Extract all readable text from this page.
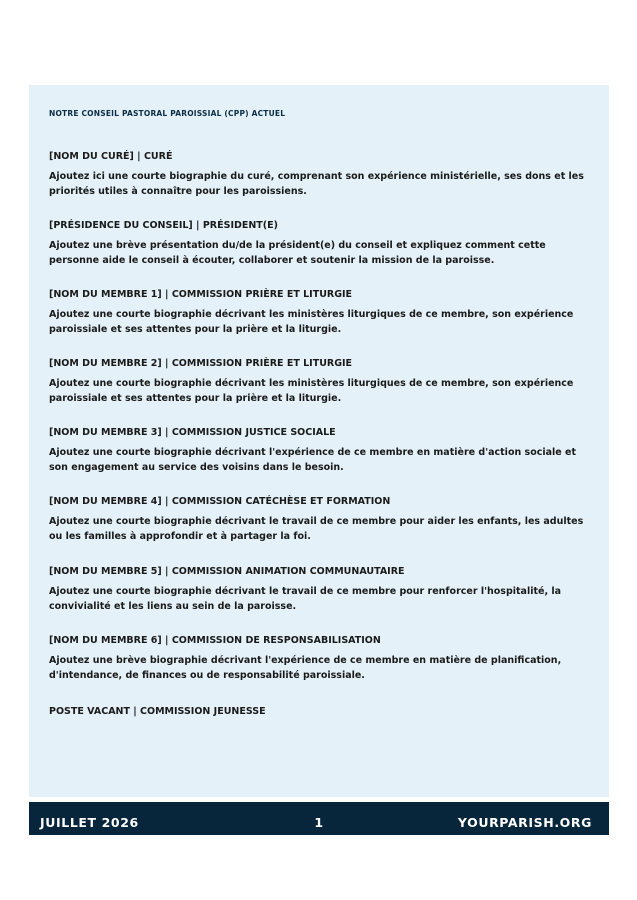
NOTRE CONSEIL PASTORAL PAROISSIAL (CPP) ACTUEL

[NOM DU CURÉ] | CURÉ

Ajoutez ici une courte biographie du curé, comprenant son expérience ministérielle, ses dons et les priorités utiles à connaître pour les paroissiens.

[PRÉSIDENCE DU CONSEIL] | PRÉSIDENT(E)

Ajoutez une brève présentation du/de la président(e) du conseil et expliquez comment cette personne aide le conseil à écouter, collaborer et soutenir la mission de la paroisse.

[NOM DU MEMBRE 1] | COMMISSION PRIÈRE ET LITURGIE

Ajoutez une courte biographie décrivant les ministères liturgiques de ce membre, son expérience paroissiale et ses attentes pour la prière et la liturgie.

[NOM DU MEMBRE 2] | COMMISSION PRIÈRE ET LITURGIE

Ajoutez une courte biographie décrivant les ministères liturgiques de ce membre, son expérience paroissiale et ses attentes pour la prière et la liturgie.

[NOM DU MEMBRE 3] | COMMISSION JUSTICE SOCIALE

Ajoutez une courte biographie décrivant l'expérience de ce membre en matière d'action sociale et son engagement au service des voisins dans le besoin.

[NOM DU MEMBRE 4] | COMMISSION CATÉCHÈSE ET FORMATION

Ajoutez une courte biographie décrivant le travail de ce membre pour aider les enfants, les adultes ou les familles à approfondir et à partager la foi.

[NOM DU MEMBRE 5] | COMMISSION ANIMATION COMMUNAUTAIRE

Ajoutez une courte biographie décrivant le travail de ce membre pour renforcer l'hospitalité, la convivialité et les liens au sein de la paroisse.

[NOM DU MEMBRE 6] | COMMISSION DE RESPONSABILISATION

Ajoutez une brève biographie décrivant l'expérience de ce membre en matière de planification, d'intendance, de finances ou de responsabilité paroissiale.

POSTE VACANT | COMMISSION JEUNESSE

JUILLET 2026	1	YOURPARISH.ORG
